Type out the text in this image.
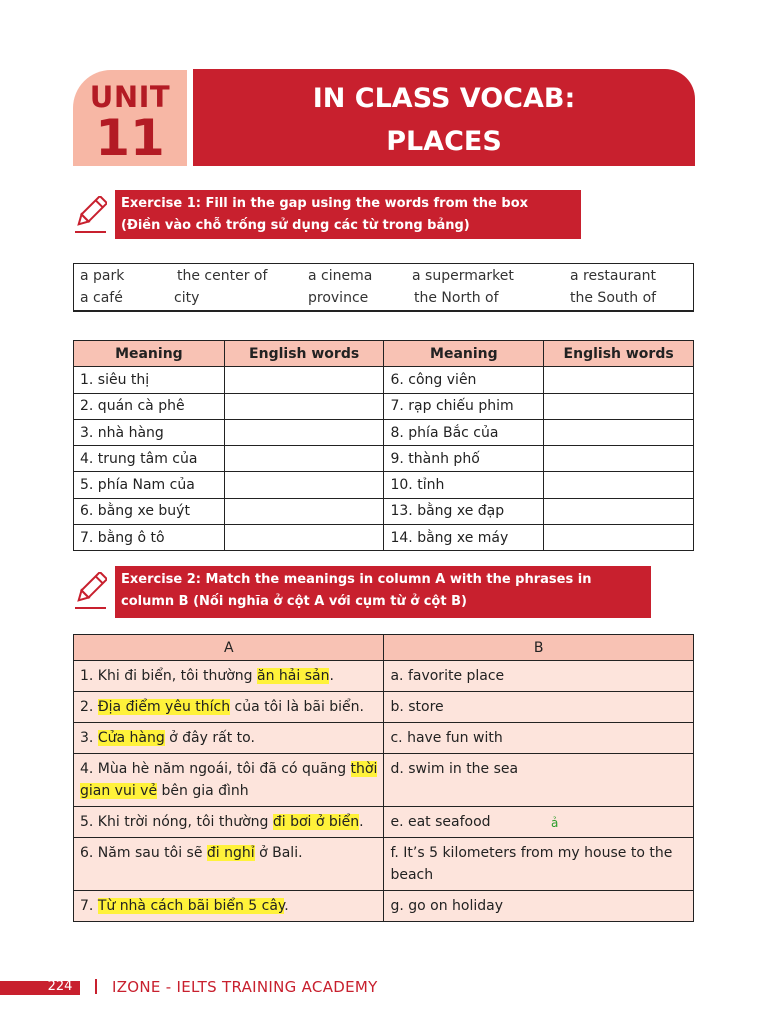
UNIT
11
IN CLASS VOCAB:
PLACES
Exercise 1: Fill in the gap using the words from the box
(Điền vào chỗ trống sử dụng các từ trong bảng)
a park	the center of	a cinema	a supermarket	a restaurant
a café	city	province	the North of	the South of
Meaning	English words	Meaning	English words
1. siêu thị		6. công viên	
2. quán cà phê		7. rạp chiếu phim	
3. nhà hàng		8. phía Bắc của	
4. trung tâm của		9. thành phố	
5. phía Nam của		10. tỉnh	
6. bằng xe buýt		13. bằng xe đạp	
7. bằng ô tô		14. bằng xe máy	
Exercise 2: Match the meanings in column A with the phrases in
column B (Nối nghĩa ở cột A với cụm từ ở cột B)
A	B
1. Khi đi biển, tôi thường ăn hải sản.	a. favorite place
2. Địa điểm yêu thích của tôi là bãi biển.	b. store
3. Cửa hàng ở đây rất to.	c. have fun with
4. Mùa hè năm ngoái, tôi đã có quãng thời gian vui vẻ bên gia đình	d. swim in the sea
5. Khi trời nóng, tôi thường đi bơi ở biển.	e. eat seafood
6. Năm sau tôi sẽ đi nghỉ ở Bali.	f. It’s 5 kilometers from my house to the beach
7. Từ nhà cách bãi biển 5 cây.	g. go on holiday
ả
224	IZONE - IELTS TRAINING ACADEMY
